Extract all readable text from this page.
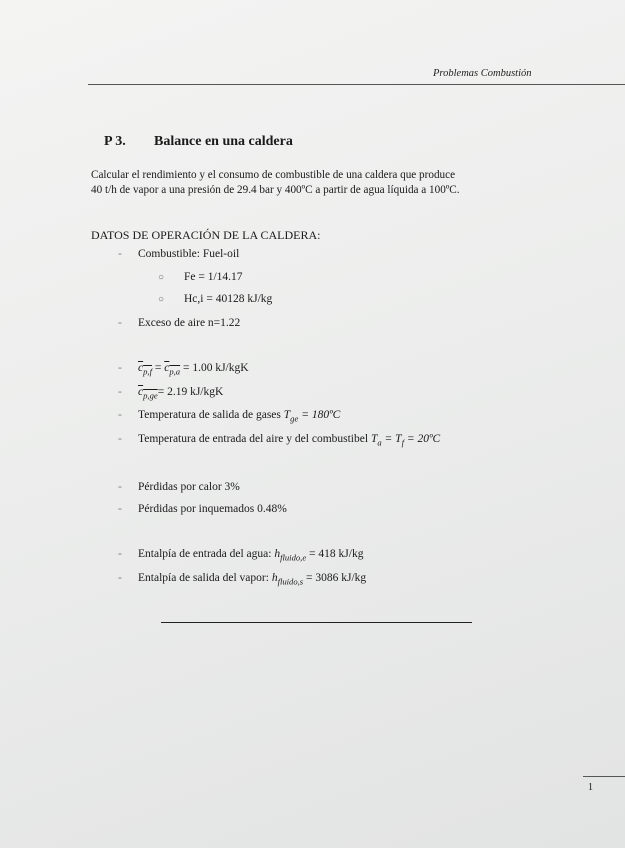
Problemas Combustión
P 3. Balance en una caldera

Calcular el rendimiento y el consumo de combustible de una caldera que produce

40 t/h de vapor a una presión de 29.4 bar y 400ºC a partir de agua líquida a 100ºC.

DATOS DE OPERACIÓN DE LA CALDERA:
- Combustible: Fuel-oil
○ Fe = 1/14.17
○ Hc,i = 40128 kJ/kg
- Exceso de aire n=1.22
- $c_{p,f} = c_{p,a} = 1.00$ kJ/kgK
- $c_{p,ge}= 2.19$ kJ/kgK
- Temperatura de salida de gases $T_{ge}$ = 180ºC
- Temperatura de entrada del aire y del combustibel $T_a = T_f$ = 20ºC
- Pérdidas por calor 3%
- Pérdidas por inquemados 0.48%
- Entalpía de entrada del agua: $h_{fluido,e} = 418$ kJ/kg
- Entalpía de salida del vapor: $h_{fluido,s} = 3086$ kJ/kg
1
